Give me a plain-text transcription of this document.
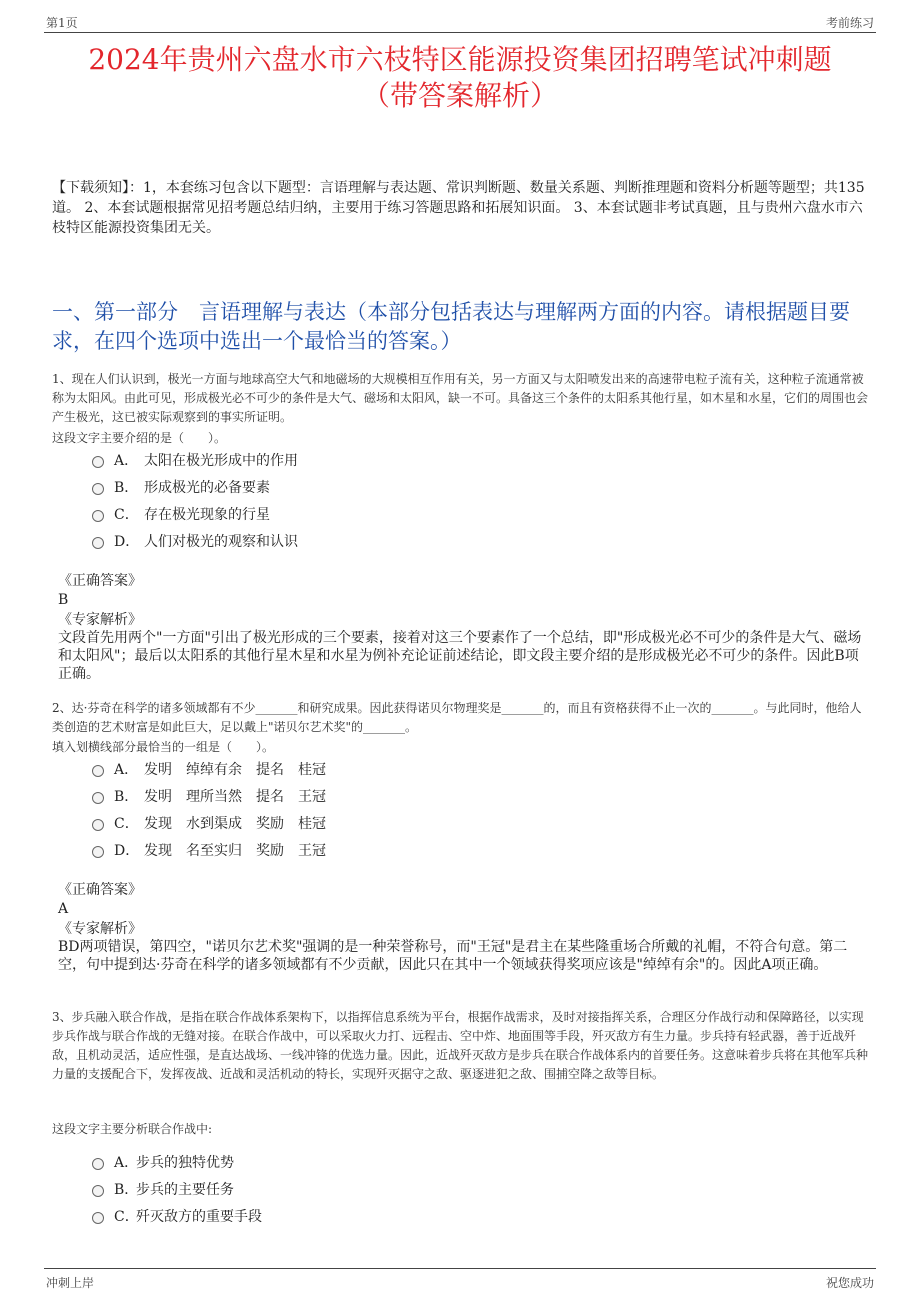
第1页	考前练习
2024年贵州六盘水市六枝特区能源投资集团招聘笔试冲刺题
（带答案解析）
【下载须知】：1，本套练习包含以下题型：言语理解与表达题、常识判断题、数量关系题、判断推理题和资料分析题等题型；共135道。 2、本套试题根据常见招考题总结归纳，主要用于练习答题思路和拓展知识面。 3、本套试题非考试真题，且与贵州六盘水市六枝特区能源投资集团无关。
一、第一部分　言语理解与表达（本部分包括表达与理解两方面的内容。请根据题目要求，在四个选项中选出一个最恰当的答案。）
1、现在人们认识到，极光一方面与地球高空大气和地磁场的大规模相互作用有关，另一方面又与太阳喷发出来的高速带电粒子流有关，这种粒子流通常被称为太阳风。由此可见，形成极光必不可少的条件是大气、磁场和太阳风，缺一不可。具备这三个条件的太阳系其他行星，如木星和水星，它们的周围也会产生极光，这已被实际观察到的事实所证明。
这段文字主要介绍的是（　　）。
A． 太阳在极光形成中的作用
B． 形成极光的必备要素
C． 存在极光现象的行星
D． 人们对极光的观察和认识
《正确答案》
B
《专家解析》
文段首先用两个"一方面"引出了极光形成的三个要素，接着对这三个要素作了一个总结，即"形成极光必不可少的条件是大气、磁场和太阳风"；最后以太阳系的其他行星木星和水星为例补充论证前述结论，即文段主要介绍的是形成极光必不可少的条件。因此B项正确。
2、达·芬奇在科学的诸多领域都有不少_______和研究成果。因此获得诺贝尔物理奖是_______的，而且有资格获得不止一次的_______。与此同时，他给人类创造的艺术财富是如此巨大，足以戴上"诺贝尔艺术奖"的_______。
填入划横线部分最恰当的一组是（　　）。
A． 发明　绰绰有余　提名　桂冠
B． 发明　理所当然　提名　王冠
C． 发现　水到渠成　奖励　桂冠
D． 发现　名至实归　奖励　王冠
《正确答案》
A
《专家解析》
BD两项错误，第四空，"诺贝尔艺术奖"强调的是一种荣誉称号，而"王冠"是君主在某些隆重场合所戴的礼帽，不符合句意。第二空，句中提到达·芬奇在科学的诸多领域都有不少贡献，因此只在其中一个领域获得奖项应该是"绰绰有余"的。因此A项正确。
3、步兵融入联合作战，是指在联合作战体系架构下，以指挥信息系统为平台，根据作战需求，及时对接指挥关系，合理区分作战行动和保障路径，以实现步兵作战与联合作战的无缝对接。在联合作战中，可以采取火力打、远程击、空中炸、地面围等手段，歼灭敌方有生力量。步兵持有轻武器，善于近战歼敌，且机动灵活，适应性强，是直达战场、一线冲锋的优选力量。因此，近战歼灭敌方是步兵在联合作战体系内的首要任务。这意味着步兵将在其他军兵种力量的支援配合下，发挥夜战、近战和灵活机动的特长，实现歼灭据守之敌、驱逐进犯之敌、围捕空降之敌等目标。
这段文字主要分析联合作战中:
A．
步兵的独特优势
B．
步兵的主要任务
C．
歼灭敌方的重要手段
冲刺上岸	祝您成功
